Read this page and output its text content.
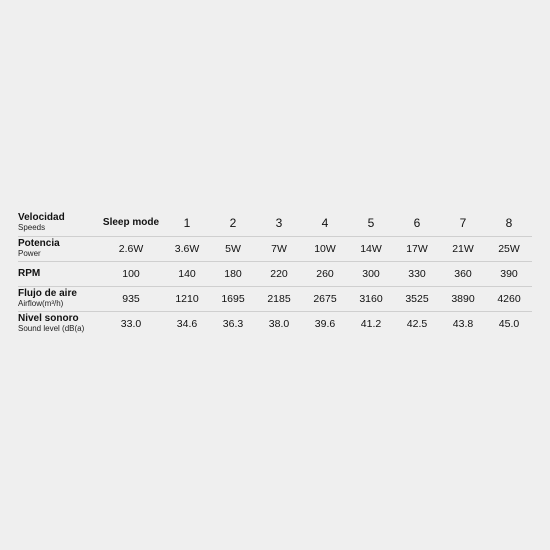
Velocidad
Speeds	Sleep mode	1	2	3	4	5	6	7	8

Potencia
Power	2.6W	3.6W	5W	7W	10W	14W	17W	21W	25W

RPM	100	140	180	220	260	300	330	360	390

Flujo de aire
Airflow(m³/h)	935	1210	1695	2185	2675	3160	3525	3890	4260

Nivel sonoro
Sound level (dB(a)	33.0	34.6	36.3	38.0	39.6	41.2	42.5	43.8	45.0
